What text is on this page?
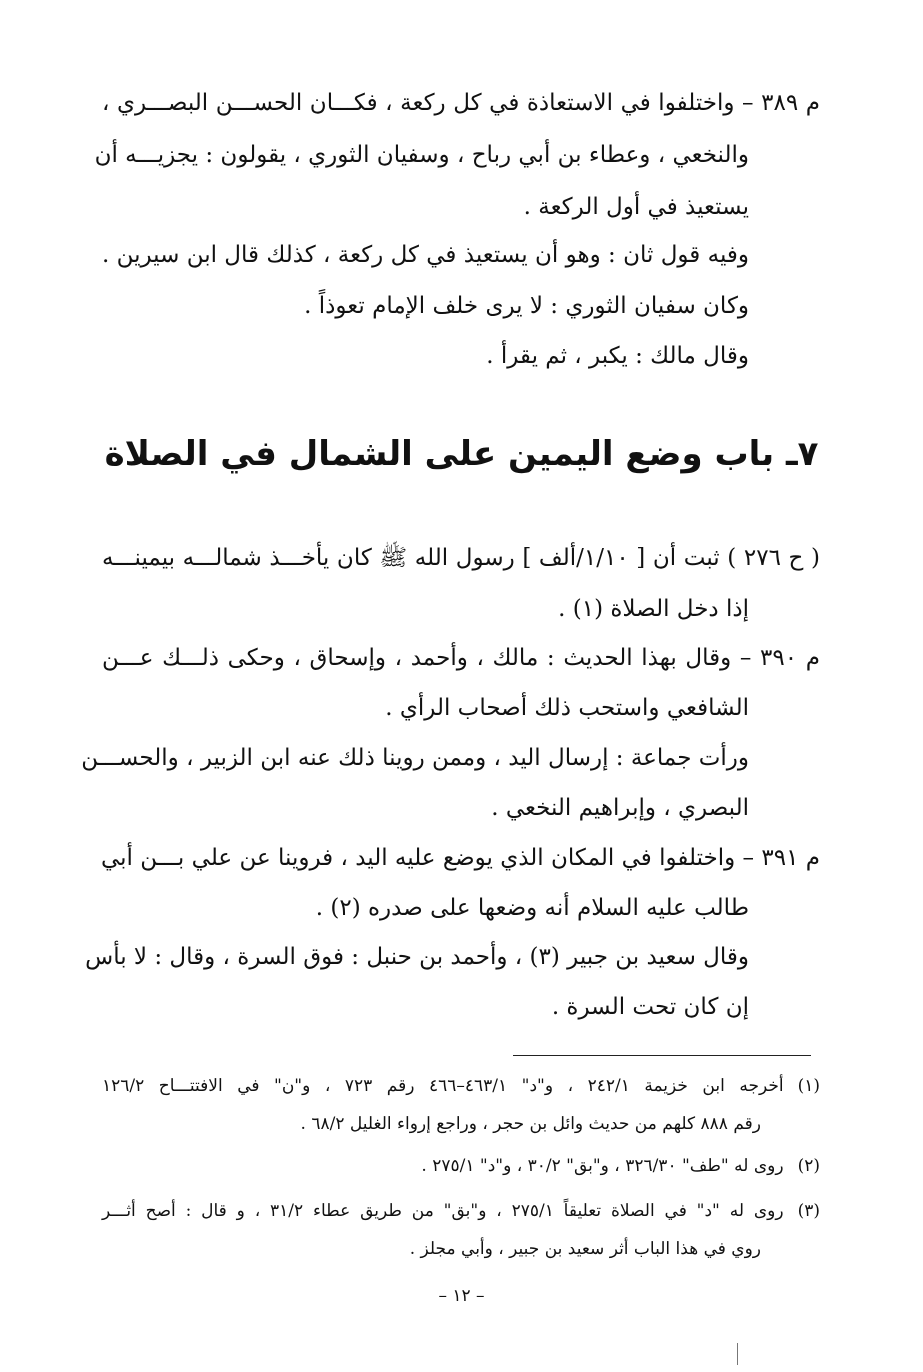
م ٣٨٩ – واختلفوا في الاستعاذة في كل ركعة ، فكـــان الحســـن البصـــري ،
والنخعي ، وعطاء بن أبي رباح ، وسفيان الثوري ، يقولون : يجزيـــه أن
يستعيذ في أول الركعة .
وفيه قول ثان : وهو أن يستعيذ في كل ركعة ، كذلك قال ابن سيرين .
وكان سفيان الثوري : لا يرى خلف الإمام تعوذاً .
وقال مالك : يكبر ، ثم يقرأ .
٧ـ باب وضع اليمين على الشمال في الصلاة
( ح ٢٧٦ ) ثبت أن [ ١/١٠/ألف ] رسول الله ﷺ كان يأخـــذ شمالـــه بيمينـــه
إذا دخل الصلاة (١) .
م ٣٩٠ – وقال بهذا الحديث : مالك ، وأحمد ، وإسحاق ، وحكى ذلـــك عـــن
الشافعي واستحب ذلك أصحاب الرأي .
ورأت جماعة : إرسال اليد ، وممن روينا ذلك عنه ابن الزبير ، والحســـن
البصري ، وإبراهيم النخعي .
م ٣٩١ – واختلفوا في المكان الذي يوضع عليه اليد ، فروينا عن علي بـــن أبي
طالب عليه السلام أنه وضعها على صدره (٢) .
وقال سعيد بن جبير (٣) ، وأحمد بن حنبل : فوق السرة ، وقال : لا بأس
إن كان تحت السرة .
(١)أخرجه ابن خزيمة ٢٤٢/١ ، و"د" ٤٦٣/١–٤٦٦ رقم ٧٢٣ ، و"ن" في الافتتـــاح ١٢٦/٢
رقم ٨٨٨ كلهم من حديث وائل بن حجر ، وراجع إرواء الغليل ٦٨/٢ .
(٢)روى له "طف" ٣٢٦/٣٠ ، و"بق" ٣٠/٢ ، و"د" ٢٧٥/١ .
(٣)روى له "د" في الصلاة تعليقاً ٢٧٥/١ ، و"بق" من طريق عطاء ٣١/٢ ، و قال : أصح أثـــر
روي في هذا الباب أثر سعيد بن جبير ، وأبي مجلز .
– ١٢ –
